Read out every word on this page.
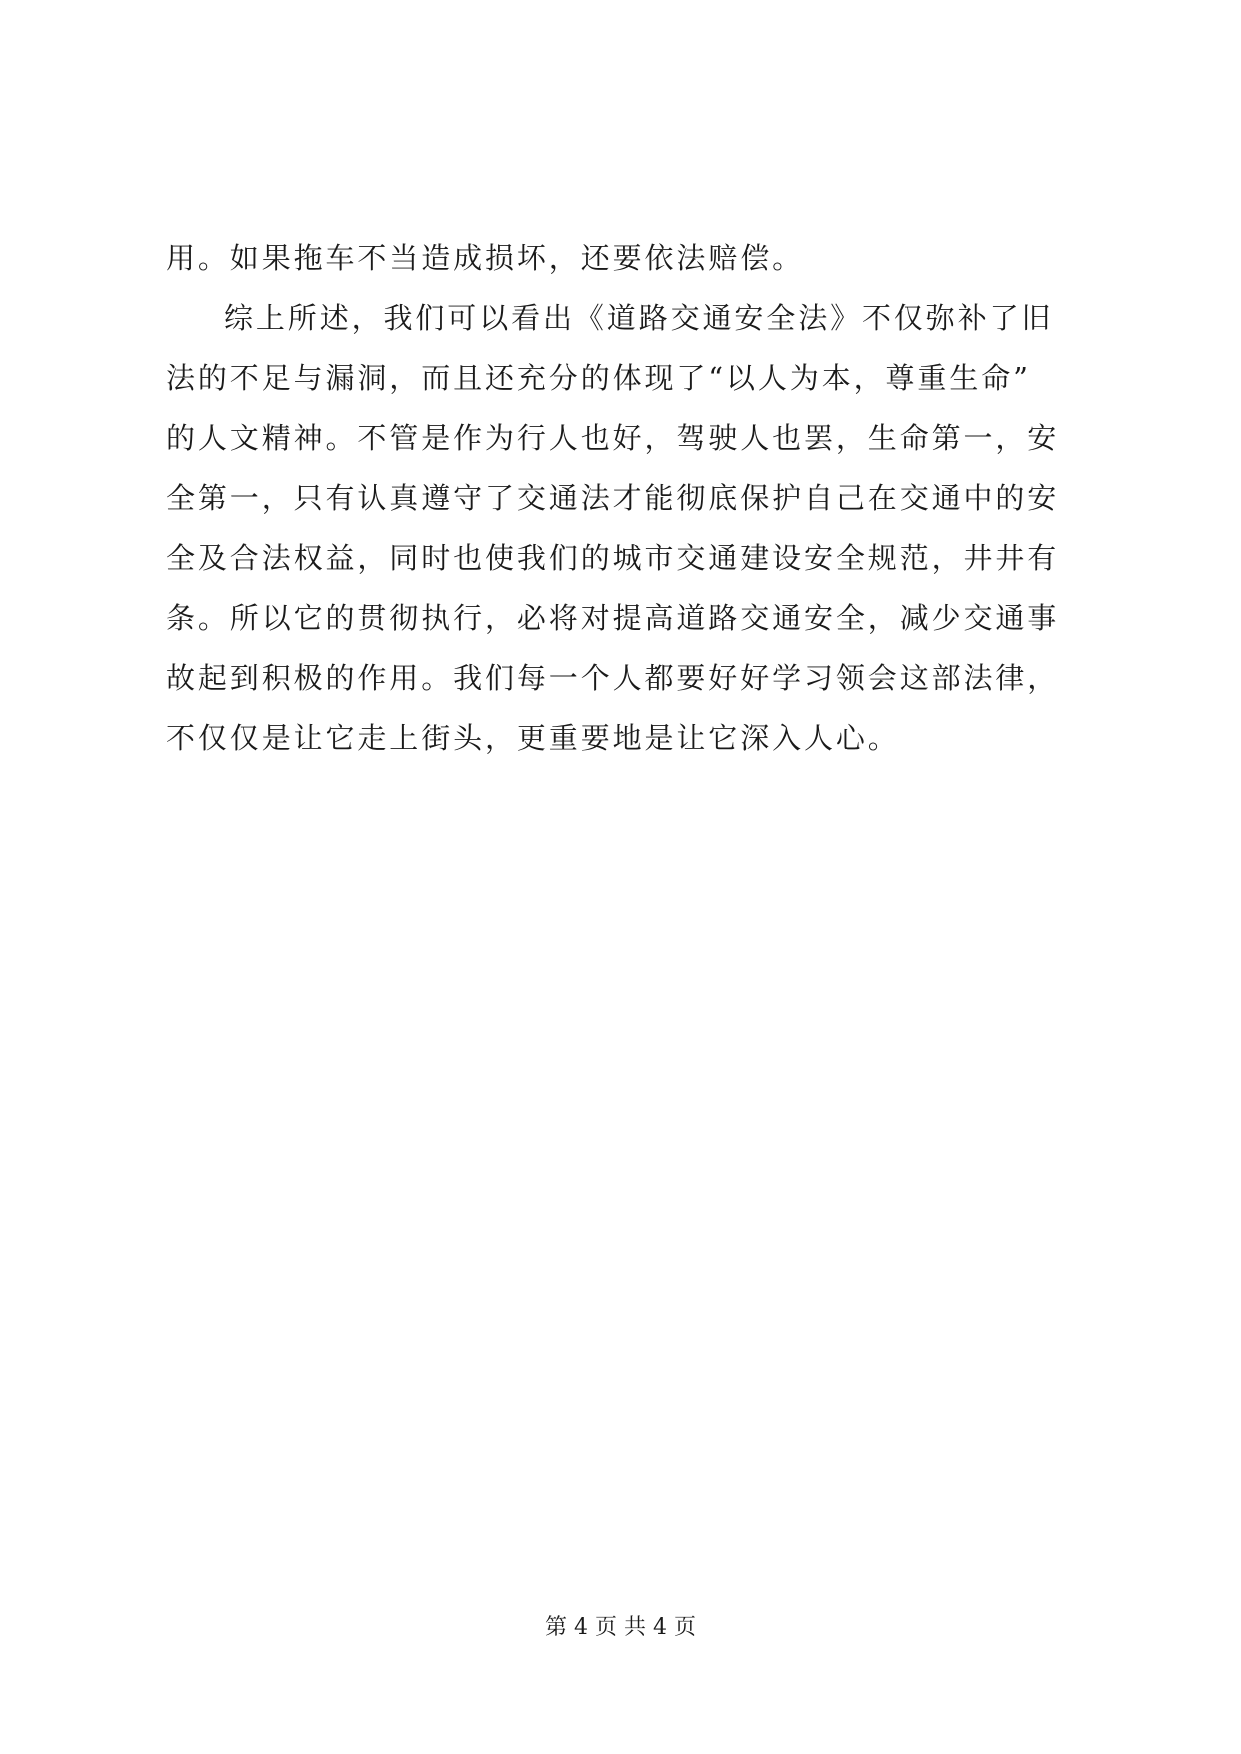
用。如果拖车不当造成损坏，还要依法赔偿。
综上所述，我们可以看出《道路交通安全法》不仅弥补了旧
法的不足与漏洞，而且还充分的体现了“以人为本，尊重生命”
的人文精神。不管是作为行人也好，驾驶人也罢，生命第一，安
全第一，只有认真遵守了交通法才能彻底保护自己在交通中的安
全及合法权益，同时也使我们的城市交通建设安全规范，井井有
条。所以它的贯彻执行，必将对提高道路交通安全，减少交通事
故起到积极的作用。我们每一个人都要好好学习领会这部法律，
不仅仅是让它走上街头，更重要地是让它深入人心。
第 4 页 共 4 页
